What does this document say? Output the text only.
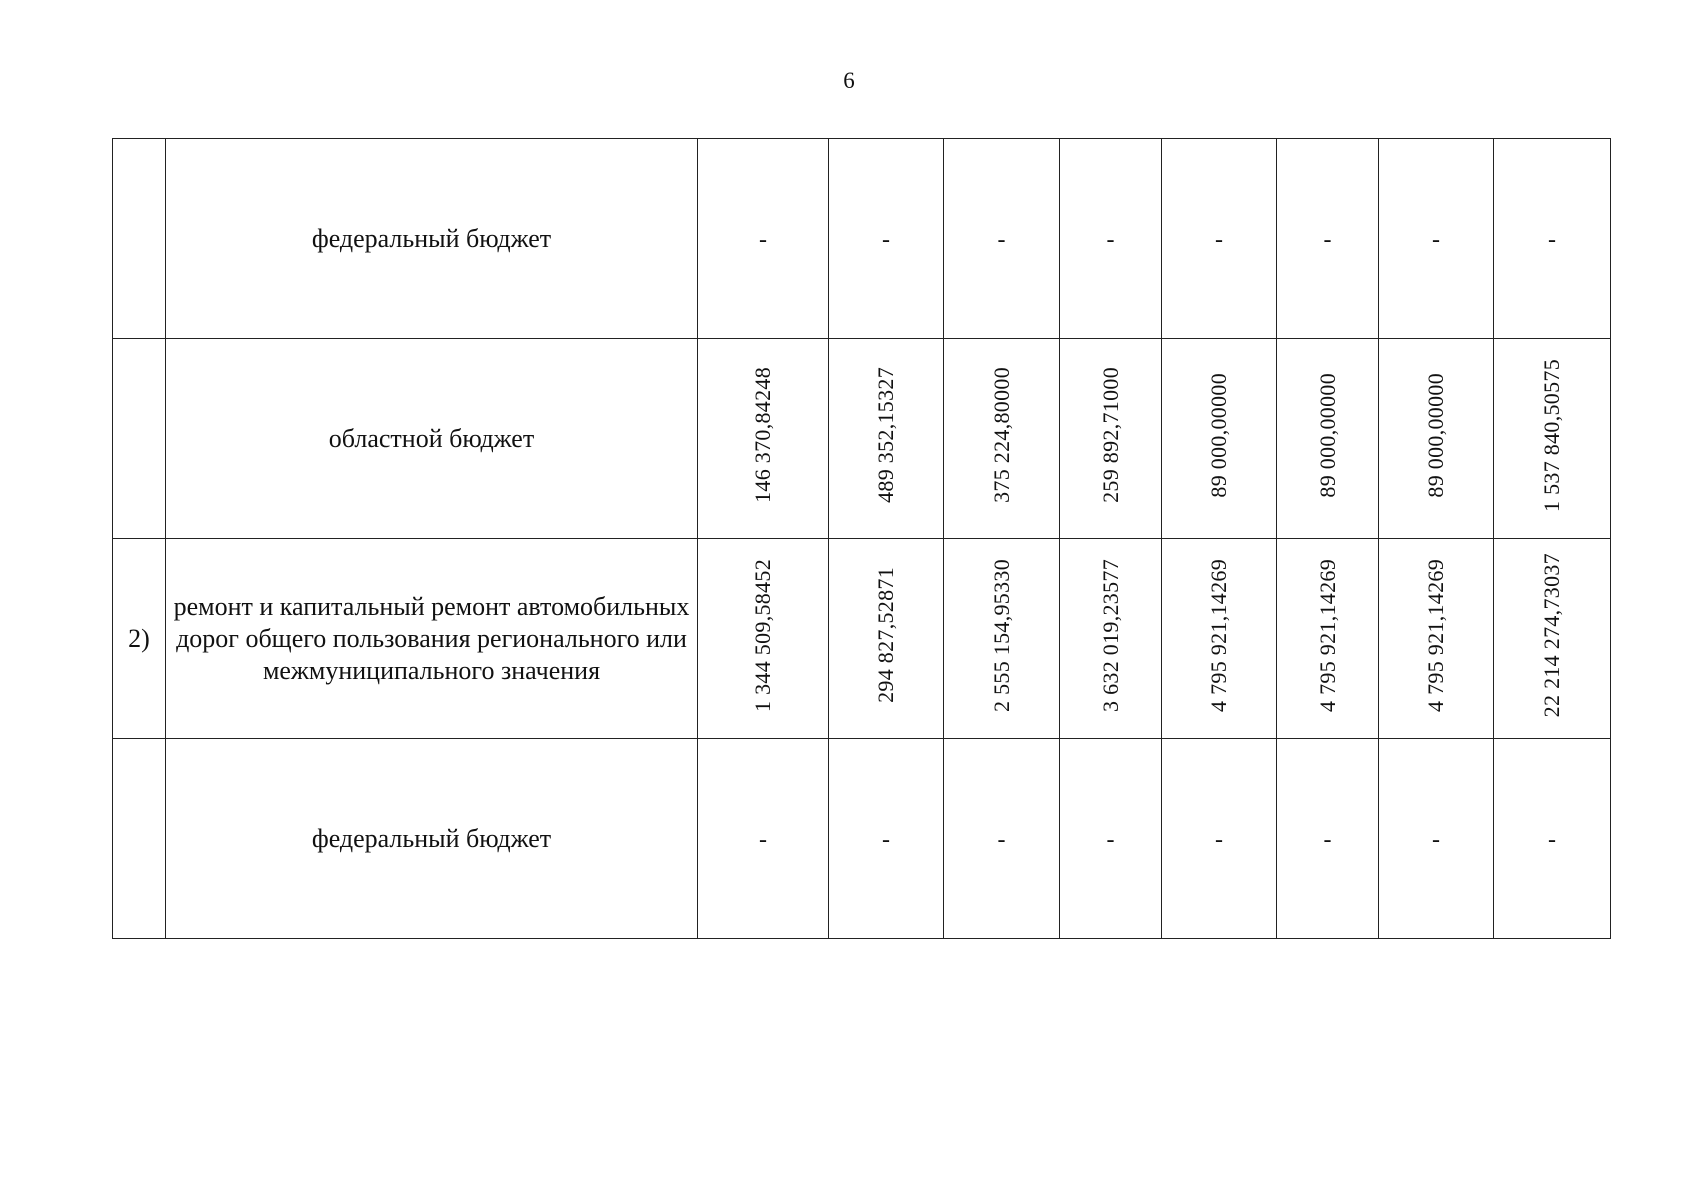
6
	федеральный бюджет	-	-	-	-	-	-	-	-
	областной бюджет	146 370,84248	489 352,15327	375 224,80000	259 892,71000	89 000,00000	89 000,00000	89 000,00000	1 537 840,50575
2)	ремонт и капитальный ремонт автомобильных дорог общего пользования регионального или межмуниципального значения	1 344 509,58452	294 827,52871	2 555 154,95330	3 632 019,23577	4 795 921,14269	4 795 921,14269	4 795 921,14269	22 214 274,73037
	федеральный бюджет	-	-	-	-	-	-	-	-
